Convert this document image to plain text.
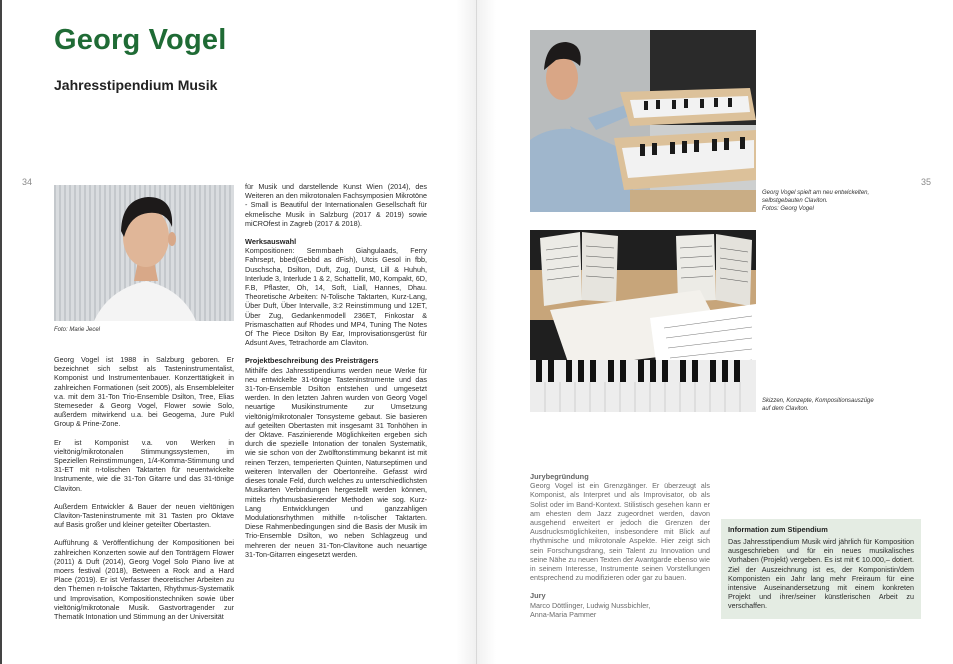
Georg Vogel
Jahresstipendium Musik
34	35
Foto: Marie Jecel

Georg Vogel ist 1988 in Salzburg geboren. Er bezeichnet sich selbst als Tasteninstrumentalist, Komponist und Instrumentenbauer. Konzerttätigkeit in zahlreichen Formationen (seit 2005), als Ensembleleiter v.a. mit dem 31-Ton Trio-Ensemble Dsilton, Tree, Elias Stemeseder & Georg Vogel, Flower sowie Solo, außerdem mitwirkend u.a. bei Geogema, Jure Pukl Group & Prine-Zone.

Er ist Komponist v.a. von Werken in vieltönig/mikrotonalen Stimmungssystemen, im Speziellen Reinstimmungen, 1/4-Komma-Stimmung und 31-ET mit n-tolischen Taktarten für neuentwickelte Instrumente, wie die 31-Ton Gitarre und das 31-tönige Claviton.

Außerdem Entwickler & Bauer der neuen vieltönigen Claviton-Tasteninstrumente mit 31 Tasten pro Oktave auf Basis großer und kleiner geteilter Obertasten.

Aufführung & Veröffentlichung der Kompositionen bei zahlreichen Konzerten sowie auf den Tonträgern Flower (2011) & Duft (2014), Georg Vogel Solo Piano live at moers festival (2018), Between a Rock and a Hard Place (2019). Er ist Verfasser theoretischer Arbeiten zu den Themen n-tolische Taktarten, Rhythmus-Systematik und Improvisation, Kompositionstechniken sowie über vieltönig/mikrotonale Musik. Gastvortragender zur Thematik Intonation und Stimmung an der Universität

für Musik und darstellende Kunst Wien (2014), des Weiteren an den mikrotonalen Fachsymposien Mikrotöne - Small is Beautiful der Internationalen Gesellschaft für ekmelische Musik in Salzburg (2017 & 2019) sowie miCROfest in Zagreb (2017 & 2018).

Werksauswahl
Kompositionen: Semmbaeh Giahgulaads, Ferry Fahrsept, bbed(Gebbd as dFish), Utcis Gesol in fbb, Duschscha, Dsilton, Duft, Zug, Dunst, Lill & Huhuh, Interlude 3, Interlude 1 & 2, Schattellit, M0, Kompakt, 6D, F.B, Pflaster, Oh, 14, Soft, Liall, Hannes, Dhau. Theoretische Arbeiten: N-Tolische Taktarten, Kurz-Lang, Über Duft, Über Intervalle, 3:2 Reinstimmung und 12ET, Über Zug, Gedankenmodell 236ET, Finkostar & Prismaschatten auf Rhodes und MP4, Tuning The Notes Of The Piece Dsilton By Ear, Improvisationsgerüst für Adsunt Aves, Tetrachorde am Claviton.
Projektbeschreibung des Preisträgers
Mithilfe des Jahresstipendiums werden neue Werke für neu entwickelte 31-tönige Tasteninstrumente und das 31-Ton-Ensemble Dsilton entstehen und umgesetzt werden. In den letzten Jahren wurden von Georg Vogel neuartige Musikinstrumente zur Umsetzung vieltönig/mikrotonaler Tonsysteme gebaut. Sie basieren auf geteilten Obertasten mit insgesamt 31 Tonhöhen in der Oktave. Faszinierende Möglichkeiten ergeben sich durch die spezielle Intonation der tonalen Systematik, wie sie schon von der Zwölftonstimmung bekannt ist mit reinen Terzen, temperierten Quinten, Naturseptimen und weiteren Intervallen der Obertonreihe. Gefasst wird dieses tonale Feld, durch welches zu unterschiedlichsten Musikarten Verbindungen hergestellt werden können, mittels rhythmusbasierender Methoden wie sog. Kurz-Lang Entwicklungen und ganzzahligen Modulationsrhythmen mithilfe n-tolischer Taktarten. Diese Rahmenbedingungen sind die Basis der Musik im Trio-Ensemble Dsilton, wo neben Schlagzeug und mehreren der neuen 31-Ton-Clavitone auch neuartige 31-Ton-Gitarren eingesetzt werden.
Georg Vogel spielt am neu entwickelten,
selbstgebauten Claviton.
Fotos: Georg Vogel
Skizzen, Konzepte, Kompositionsauszüge
auf dem Claviton.
Jurybegründung
Georg Vogel ist ein Grenzgänger. Er überzeugt als Komponist, als Interpret und als Improvisator, ob als Solist oder im Band-Kontext. Stilistisch gesehen kann er am ehesten dem Jazz zugeordnet werden, davon ausgehend erweitert er jedoch die Grenzen der Ausdrucksmöglichkeiten, insbesondere mit Blick auf rhythmische und mikrotonale Aspekte. Hier zeigt sich sein Forschungsdrang, sein Talent zu Innovation und seine Nähe zu neuen Texten der Avantgarde ebenso wie in seinem Interesse, Instrumente seinen Vorstellungen entsprechend zu modifizieren oder gar zu bauen.
Jury
Marco Döttlinger, Ludwig Nussbichler,
Anna-Maria Pammer
Information zum Stipendium

Das Jahresstipendium Musik wird jährlich für Komposition ausgeschrieben und für ein neues musikalisches Vorhaben (Projekt) vergeben. Es ist mit € 10.000,– dotiert. Ziel der Auszeichnung ist es, der Komponistin/dem Komponisten ein Jahr lang mehr Freiraum für eine intensive Auseinandersetzung mit einem konkreten Projekt und ihrer/seiner künstlerischen Arbeit zu verschaffen.
